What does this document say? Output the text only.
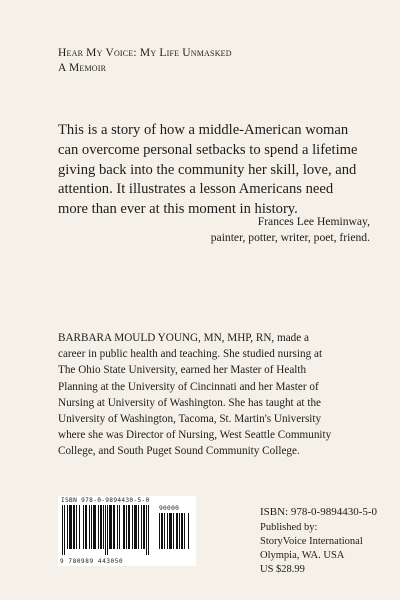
Hear My Voice: My Life Unmasked
A Memoir
This is a story of how a middle-American woman
can overcome personal setbacks to spend a lifetime
giving back into the community her skill, love, and
attention. It illustrates a lesson Americans need
more than ever at this moment in history.
Frances Lee Heminway,
painter, potter, writer, poet, friend.
BARBARA MOULD YOUNG, MN, MHP, RN, made a
career in public health and teaching. She studied nursing at
The Ohio State University, earned her Master of Health
Planning at the University of Cincinnati and her Master of
Nursing at University of Washington. She has taught at the
University of Washington, Tacoma, St. Martin's University
where she was Director of Nursing, West Seattle Community
College, and South Puget Sound Community College.
ISBN 978-0-9894430-5-0
90000
9 780989 443050
ISBN: 978-0-9894430-5-0
Published by:
StoryVoice International
Olympia, WA. USA
US $28.99
